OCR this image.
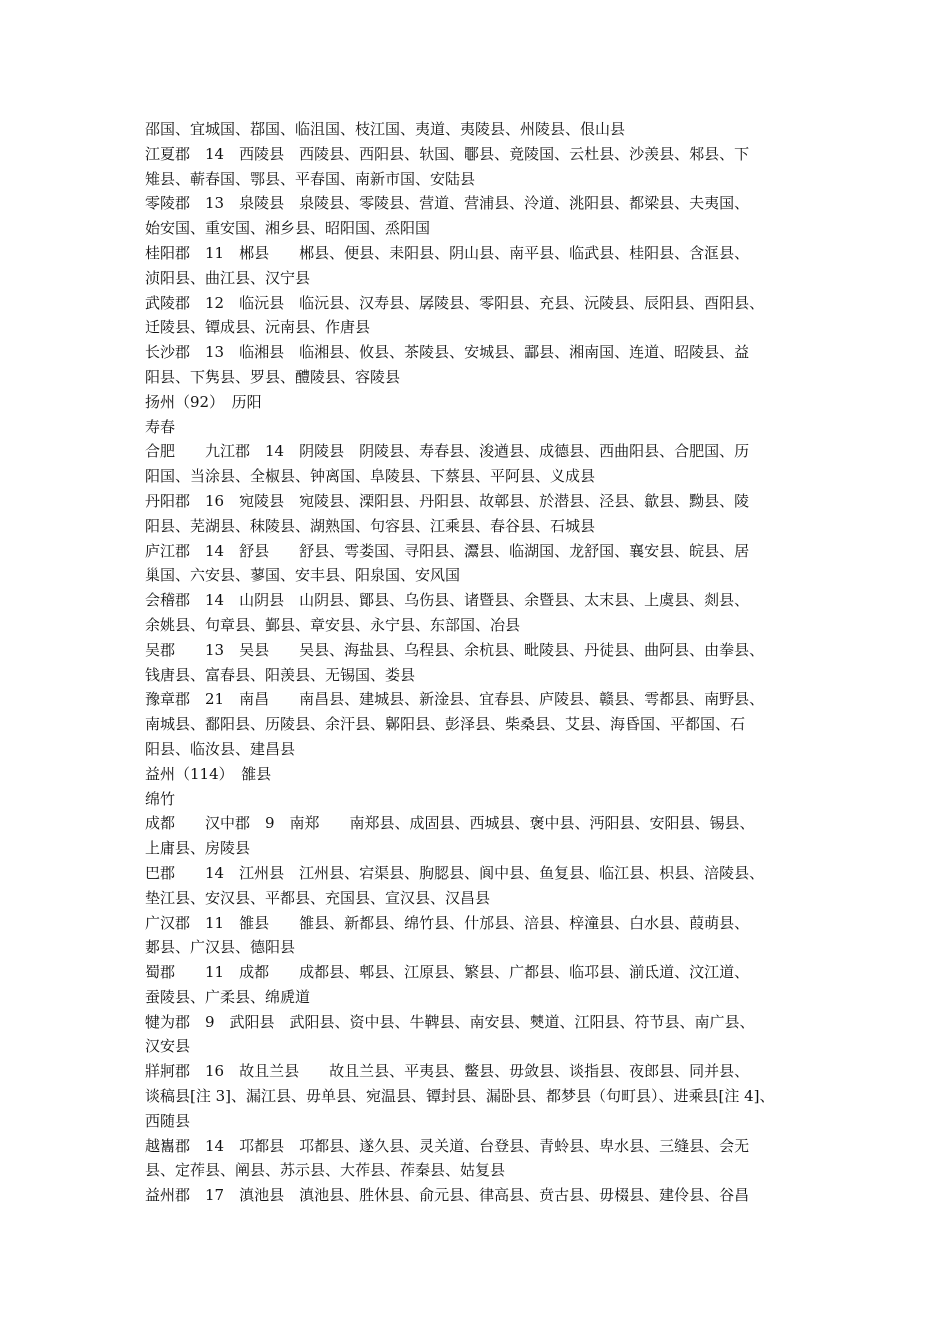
邵国、宜城国、鄀国、临沮国、枝江国、夷道、夷陵县、州陵县、佷山县
江夏郡　14　西陵县　西陵县、西阳县、轪国、鄳县、竟陵国、云杜县、沙羡县、邾县、下
雉县、蕲春国、鄂县、平春国、南新市国、安陆县
零陵郡　13　泉陵县　泉陵县、零陵县、营道、营浦县、泠道、洮阳县、都梁县、夫夷国、
始安国、重安国、湘乡县、昭阳国、烝阳国
桂阳郡　11　郴县　　郴县、便县、耒阳县、阴山县、南平县、临武县、桂阳县、含洭县、
浈阳县、曲江县、汉宁县
武陵郡　12　临沅县　临沅县、汉寿县、孱陵县、零阳县、充县、沅陵县、辰阳县、酉阳县、
迁陵县、镡成县、沅南县、作唐县
长沙郡　13　临湘县　临湘县、攸县、茶陵县、安城县、酃县、湘南国、连道、昭陵县、益
阳县、下隽县、罗县、醴陵县、容陵县
扬州（92）　历阳
寿春
合肥　　九江郡　14　阴陵县　阴陵县、寿春县、浚遒县、成德县、西曲阳县、合肥国、历
阳国、当涂县、全椒县、钟离国、阜陵县、下蔡县、平阿县、义成县
丹阳郡　16　宛陵县　宛陵县、溧阳县、丹阳县、故鄣县、於潜县、泾县、歙县、黝县、陵
阳县、芜湖县、秣陵县、湖熟国、句容县、江乘县、春谷县、石城县
庐江郡　14　舒县　　舒县、雩娄国、寻阳县、灊县、临湖国、龙舒国、襄安县、皖县、居
巢国、六安县、蓼国、安丰县、阳泉国、安风国
会稽郡　14　山阴县　山阴县、鄮县、乌伤县、诸暨县、余暨县、太末县、上虞县、剡县、
余姚县、句章县、鄞县、章安县、永宁县、东部国、冶县
吴郡　　13　吴县　　吴县、海盐县、乌程县、余杭县、毗陵县、丹徒县、曲阿县、由拳县、
钱唐县、富春县、阳羡县、无锡国、娄县
豫章郡　21　南昌　　南昌县、建城县、新淦县、宜春县、庐陵县、赣县、雩都县、南野县、
南城县、鄱阳县、历陵县、余汗县、鄡阳县、彭泽县、柴桑县、艾县、海昏国、平都国、石
阳县、临汝县、建昌县
益州（114）　雒县
绵竹
成都　　汉中郡　9　南郑　　南郑县、成固县、西城县、褒中县、沔阳县、安阳县、锡县、
上庸县、房陵县
巴郡　　14　江州县　江州县、宕渠县、朐䏰县、阆中县、鱼复县、临江县、枳县、涪陵县、
垫江县、安汉县、平都县、充国县、宣汉县、汉昌县
广汉郡　11　雒县　　雒县、新都县、绵竹县、什邡县、涪县、梓潼县、白水县、葭萌县、
郪县、广汉县、德阳县
蜀郡　　11　成都　　成都县、郫县、江原县、繁县、广都县、临邛县、湔氐道、汶江道、
蚕陵县、广柔县、绵虒道
犍为郡　9　武阳县　武阳县、资中县、牛鞞县、南安县、僰道、江阳县、符节县、南广县、
汉安县
牂牁郡　16　故且兰县　　故且兰县、平夷县、鳖县、毋敛县、谈指县、夜郎县、同并县、
谈稿县[注 3]、漏江县、毋单县、宛温县、镡封县、漏卧县、都梦县（句町县）、进乘县[注 4]、
西随县
越巂郡　14　邛都县　邛都县、遂久县、灵关道、台登县、青蛉县、卑水县、三缝县、会无
县、定莋县、阐县、苏示县、大莋县、莋秦县、姑复县
益州郡　17　滇池县　滇池县、胜休县、俞元县、律高县、贲古县、毋棳县、建伶县、谷昌
